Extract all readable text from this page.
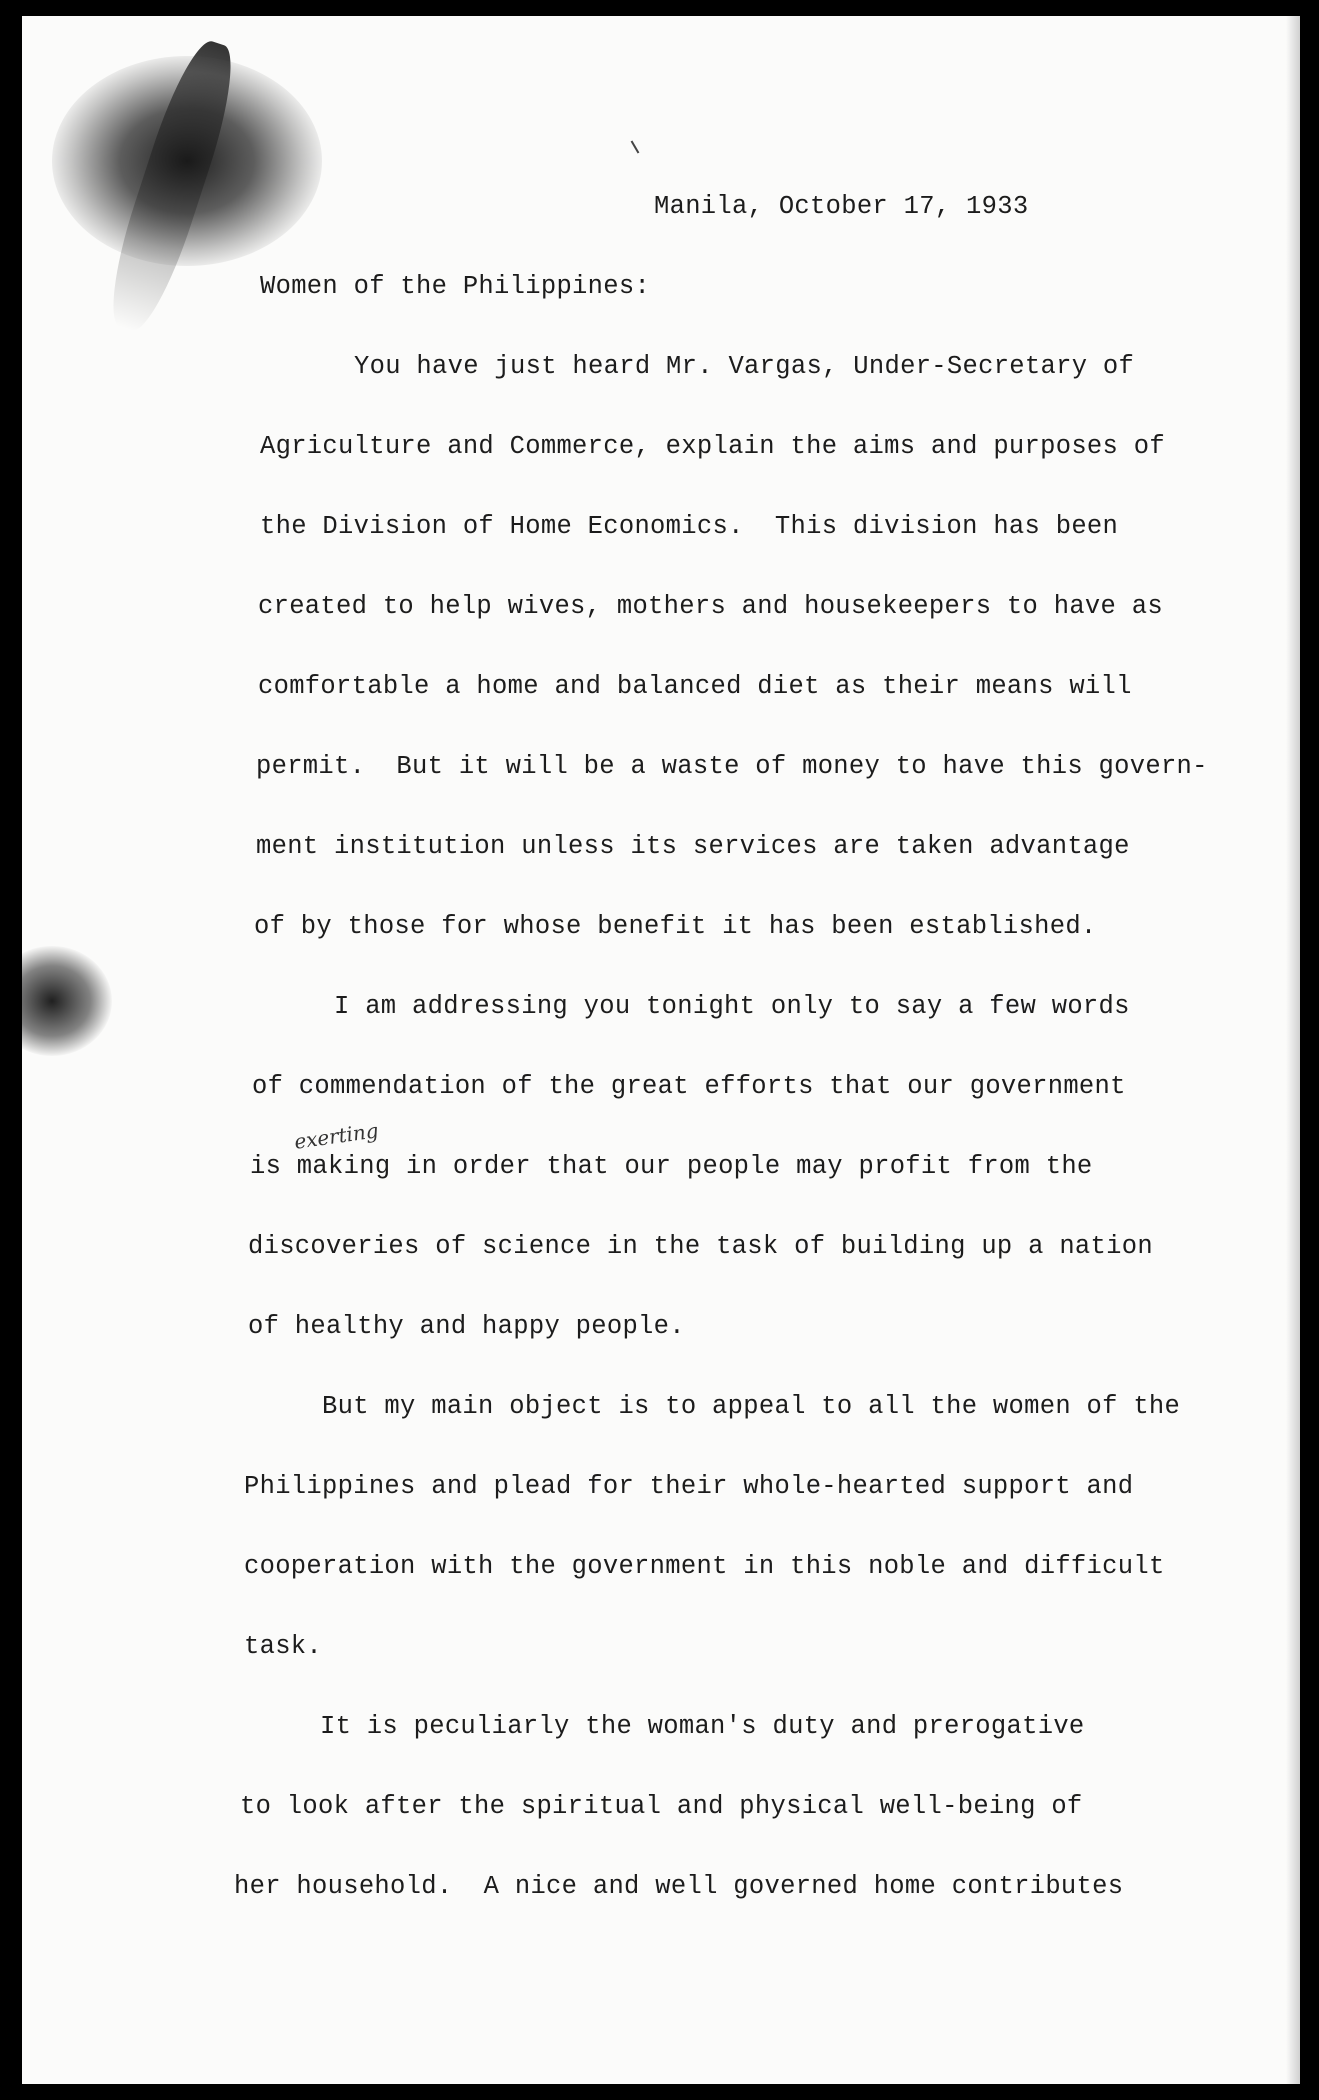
Manila, October 17, 1933

Women of the Philippines:

You have just heard Mr. Vargas, Under-Secretary of

Agriculture and Commerce, explain the aims and purposes of

the Division of Home Economics.  This division has been

created to help wives, mothers and housekeepers to have as

comfortable a home and balanced diet as their means will

permit.  But it will be a waste of money to have this govern-

ment institution unless its services are taken advantage

of by those for whose benefit it has been established.

I am addressing you tonight only to say a few words

of commendation of the great efforts that our government

exerting

is making in order that our people may profit from the

discoveries of science in the task of building up a nation

of healthy and happy people.

But my main object is to appeal to all the women of the

Philippines and plead for their whole-hearted support and

cooperation with the government in this noble and difficult

task.

It is peculiarly the woman's duty and prerogative

to look after the spiritual and physical well-being of

her household.  A nice and well governed home contributes
